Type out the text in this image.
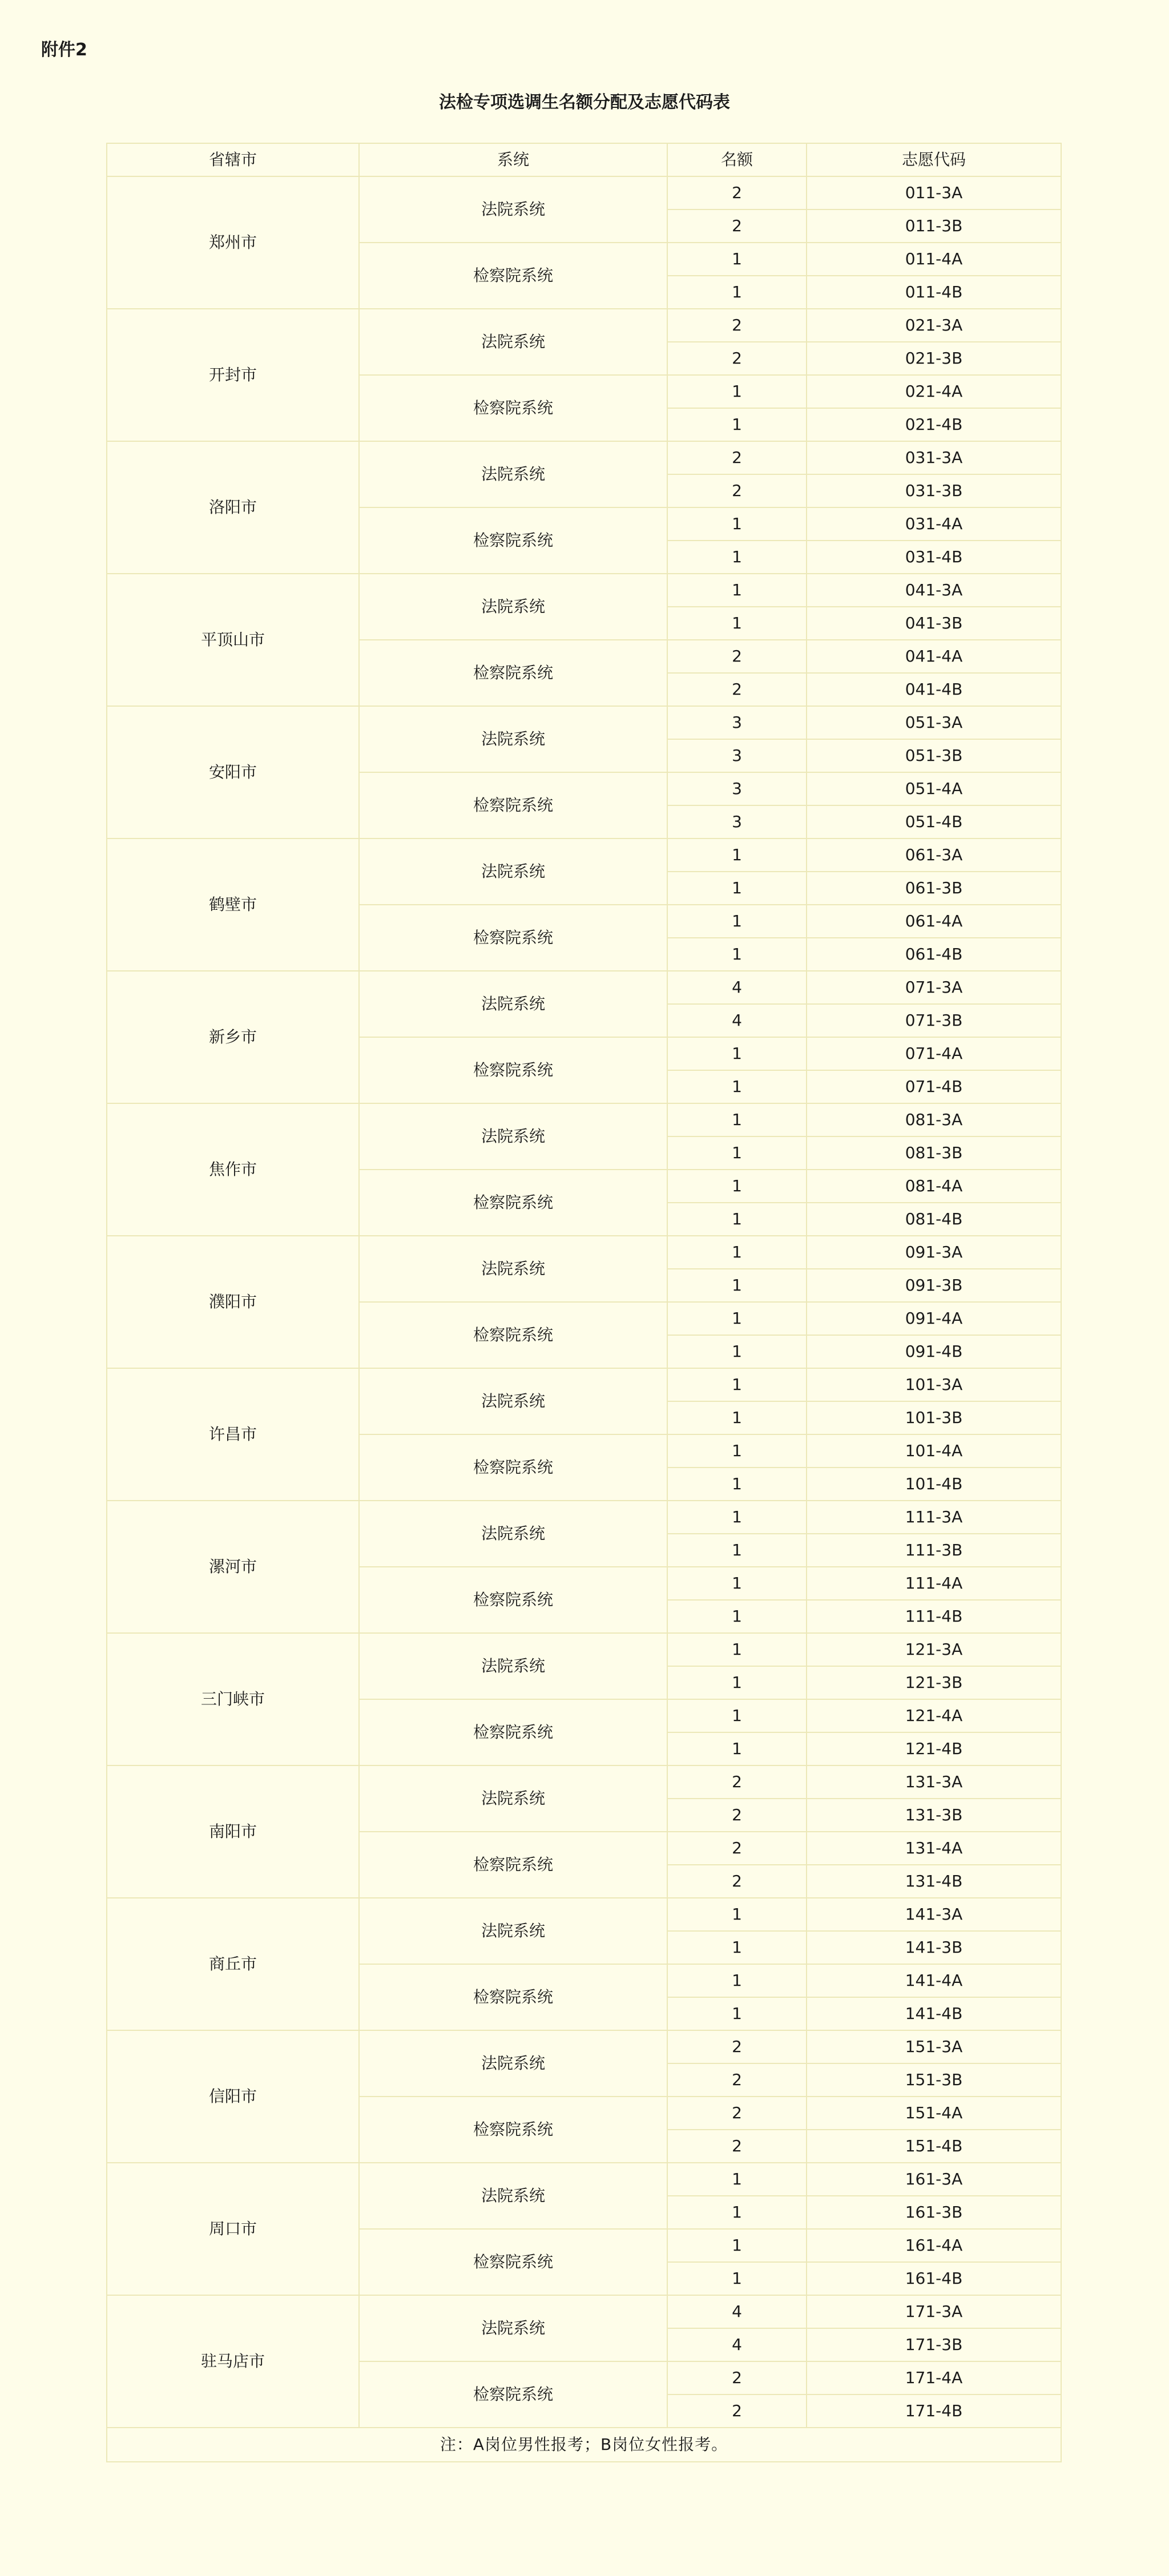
附件2
法检专项选调生名额分配及志愿代码表
省辖市	系统	名额	志愿代码
郑州市	法院系统	2	011-3A
		2	011-3B
	检察院系统	1	011-4A
		1	011-4B
开封市	法院系统	2	021-3A
		2	021-3B
	检察院系统	1	021-4A
		1	021-4B
洛阳市	法院系统	2	031-3A
		2	031-3B
	检察院系统	1	031-4A
		1	031-4B
平顶山市	法院系统	1	041-3A
		1	041-3B
	检察院系统	2	041-4A
		2	041-4B
安阳市	法院系统	3	051-3A
		3	051-3B
	检察院系统	3	051-4A
		3	051-4B
鹤壁市	法院系统	1	061-3A
		1	061-3B
	检察院系统	1	061-4A
		1	061-4B
新乡市	法院系统	4	071-3A
		4	071-3B
	检察院系统	1	071-4A
		1	071-4B
焦作市	法院系统	1	081-3A
		1	081-3B
	检察院系统	1	081-4A
		1	081-4B
濮阳市	法院系统	1	091-3A
		1	091-3B
	检察院系统	1	091-4A
		1	091-4B
许昌市	法院系统	1	101-3A
		1	101-3B
	检察院系统	1	101-4A
		1	101-4B
漯河市	法院系统	1	111-3A
		1	111-3B
	检察院系统	1	111-4A
		1	111-4B
三门峡市	法院系统	1	121-3A
		1	121-3B
	检察院系统	1	121-4A
		1	121-4B
南阳市	法院系统	2	131-3A
		2	131-3B
	检察院系统	2	131-4A
		2	131-4B
商丘市	法院系统	1	141-3A
		1	141-3B
	检察院系统	1	141-4A
		1	141-4B
信阳市	法院系统	2	151-3A
		2	151-3B
	检察院系统	2	151-4A
		2	151-4B
周口市	法院系统	1	161-3A
		1	161-3B
	检察院系统	1	161-4A
		1	161-4B
驻马店市	法院系统	4	171-3A
		4	171-3B
	检察院系统	2	171-4A
		2	171-4B
注：A岗位男性报考；B岗位女性报考。			
